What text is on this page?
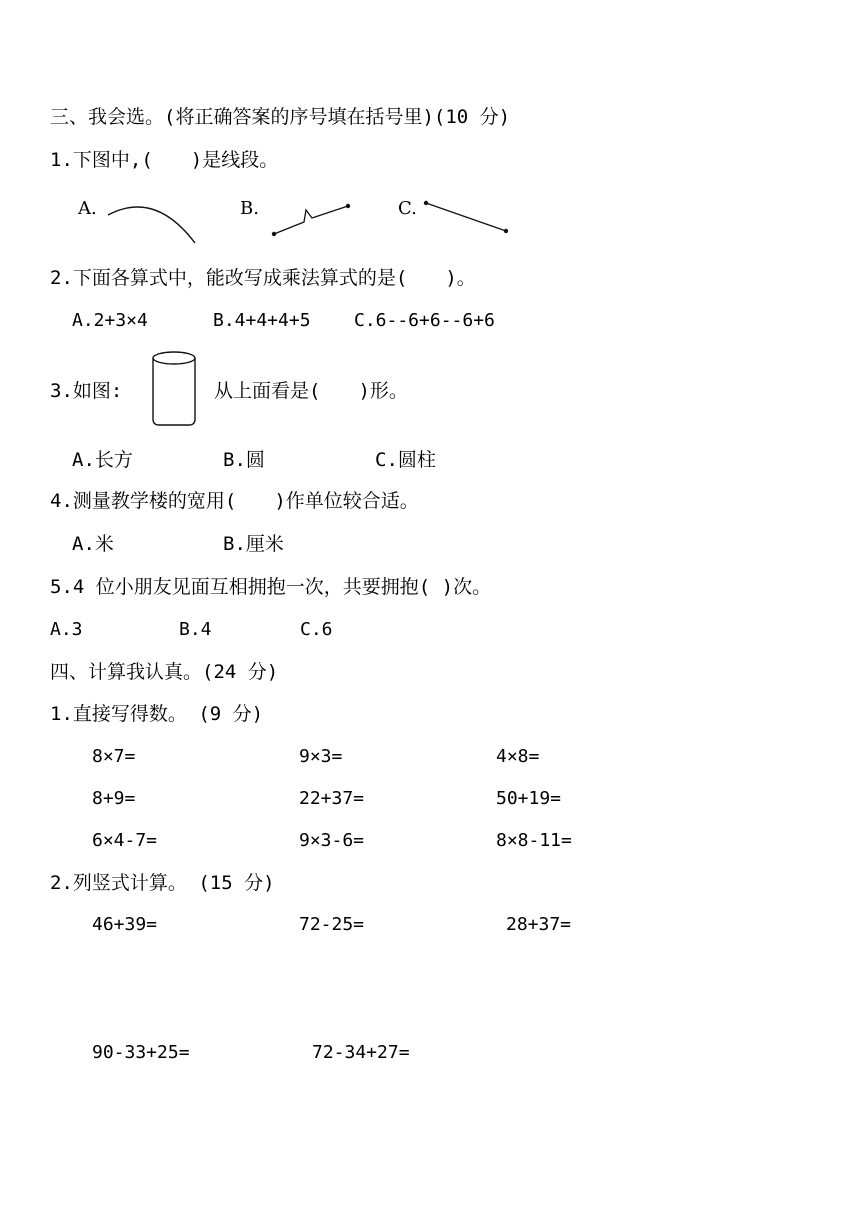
三、我会选。(将正确答案的序号填在括号里)(10 分)
1.下图中,(　　)是线段。
A.	B.	C.
2.下面各算式中，能改写成乘法算式的是(　　)。
A.2+3×4	B.4+4+4+5 C.6--6+6--6+6
3.如图:	从上面看是(　　)形。
A.长方	B.圆	C.圆柱
4.测量教学楼的宽用(　　)作单位较合适。
A.米	B.厘米
5.4 位小朋友见面互相拥抱一次，共要拥抱( )次。
A.3	B.4	C.6
四、计算我认真。(24 分)
1.直接写得数。 (9 分)
8×7=	9×3=	4×8=
8+9=	22+37=	50+19=
6×4-7=	9×3-6=	8×8-11=
2.列竖式计算。 (15 分)
46+39=	72-25=	28+37=
90-33+25=	72-34+27=
